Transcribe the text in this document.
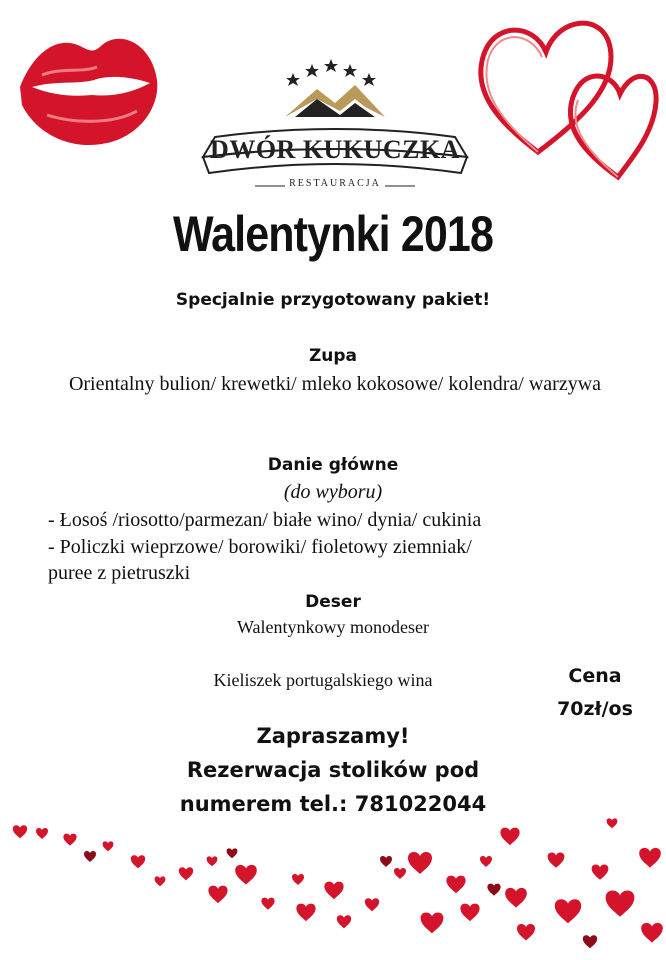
DWÓR KUKUCZKA
RESTAURACJA
Walentynki 2018
Specjalnie przygotowany pakiet!
Zupa
Orientalny bulion/ krewetki/ mleko kokosowe/ kolendra/ warzywa
Danie główne
(do wyboru)
- Łosoś /riosotto/parmezan/ białe wino/ dynia/ cukinia
- Policzki wieprzowe/ borowiki/ fioletowy ziemniak/
puree z pietruszki
Deser
Walentynkowy monodeser
Kieliszek portugalskiego wina	Cena
70zł/os
Zapraszamy!
Rezerwacja stolików pod
numerem tel.: 781022044
